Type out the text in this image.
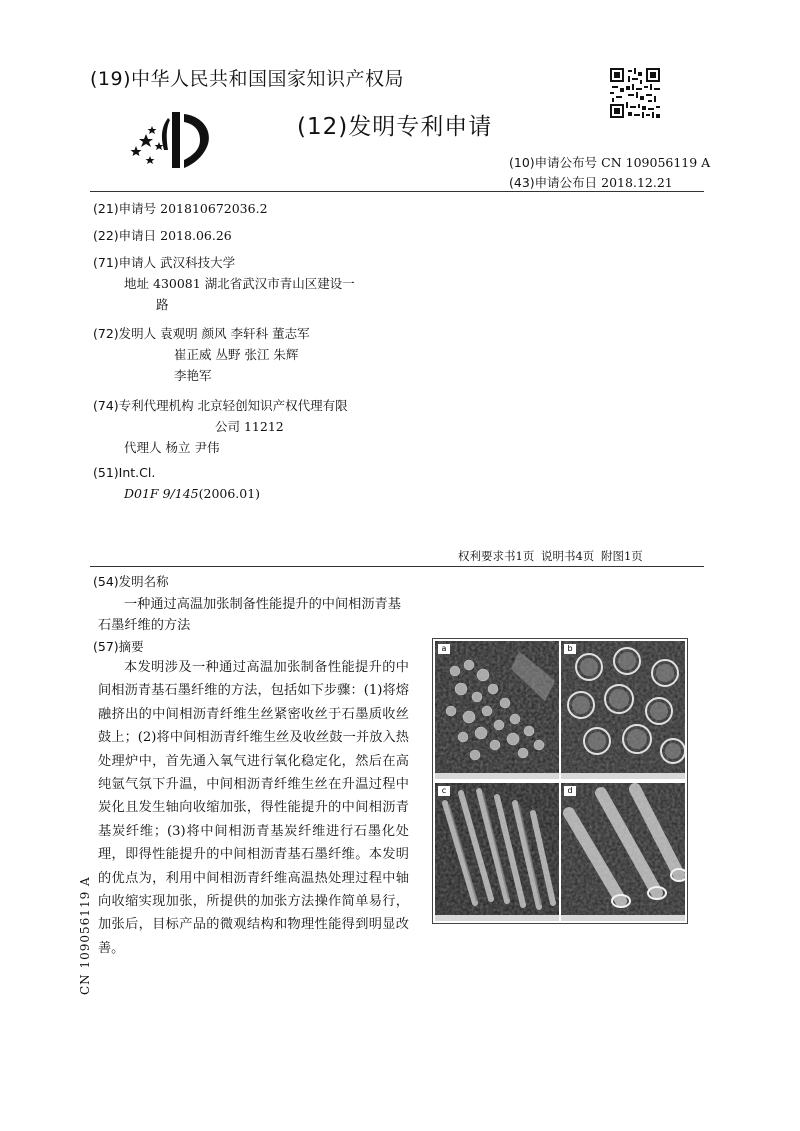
(19)中华人民共和国国家知识产权局
(12)发明专利申请
(10)申请公布号 CN 109056119 A
(43)申请公布日 2018.12.21
(21)申请号 201810672036.2
(22)申请日 2018.06.26
(71)申请人 武汉科技大学
地址 430081 湖北省武汉市青山区建设一
路
(72)发明人 袁观明 颜风 李轩科 董志军
崔正威 丛野 张江 朱辉
李艳军
(74)专利代理机构 北京轻创知识产权代理有限
公司 11212
代理人 杨立 尹伟
(51)Int.Cl.
D01F 9/145(2006.01)
权利要求书1页 说明书4页 附图1页
(54)发明名称
一种通过高温加张制备性能提升的中间相沥青基石墨纤维的方法
(57)摘要
本发明涉及一种通过高温加张制备性能提升的中间相沥青基石墨纤维的方法，包括如下步骤：(1)将熔融挤出的中间相沥青纤维生丝紧密收丝于石墨质收丝鼓上；(2)将中间相沥青纤维生丝及收丝鼓一并放入热处理炉中，首先通入氧气进行氧化稳定化，然后在高纯氩气氛下升温，中间相沥青纤维生丝在升温过程中炭化且发生轴向收缩加张，得性能提升的中间相沥青基炭纤维；(3)将中间相沥青基炭纤维进行石墨化处理，即得性能提升的中间相沥青基石墨纤维。本发明的优点为，利用中间相沥青纤维高温热处理过程中轴向收缩实现加张，所提供的加张方法操作简单易行，加张后，目标产品的微观结构和物理性能得到明显改善。
a	b
c	d
CN 109056119 A
